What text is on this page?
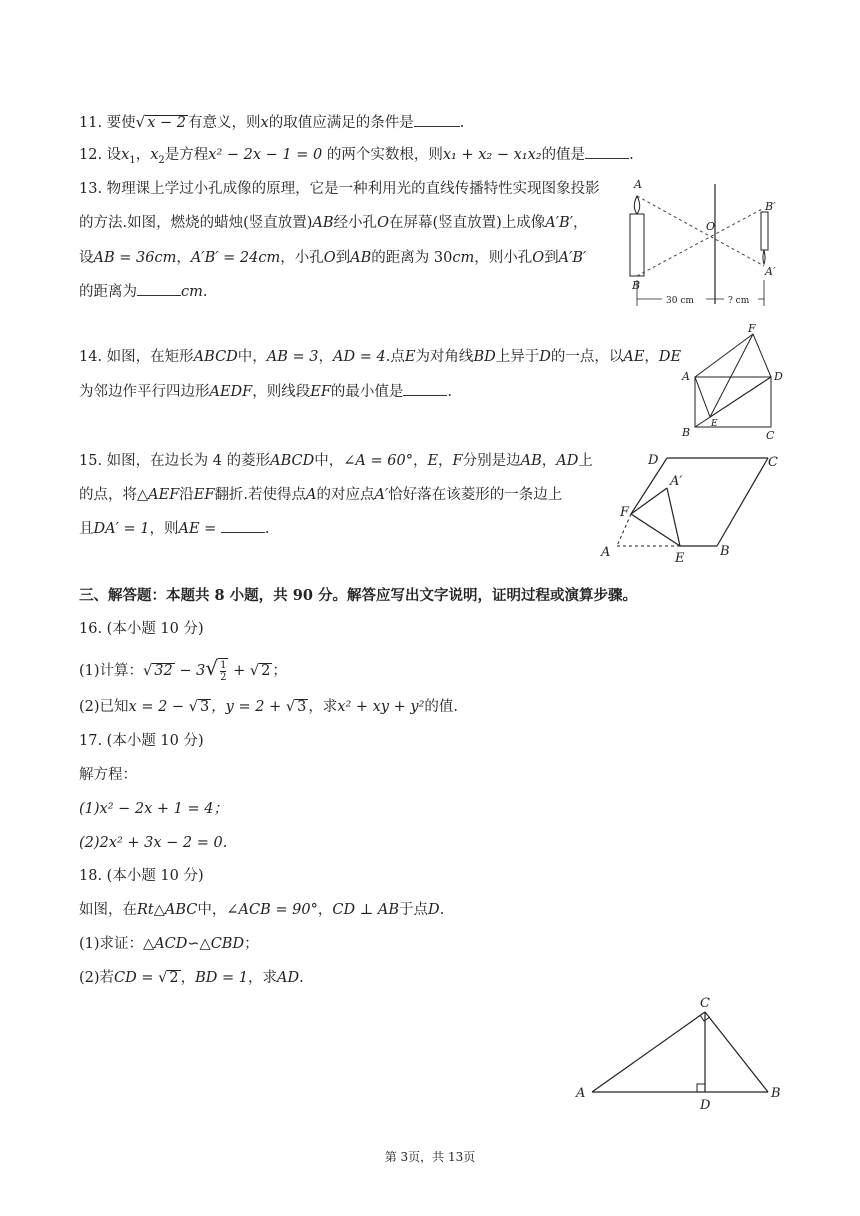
11. 要使√ x − 2 有意义，则x的取值应满足的条件是	.
12. 设$x_1$，$x_2$是方程x² − 2x − 1 = 0 的两个实数根，则x₁ + x₂ − x₁x₂的值是	.
13. 物理课上学过小孔成像的原理，它是一种利用光的直线传播特性实现图象投影
的方法.如图，燃烧的蜡烛(竖直放置)AB经小孔O在屏幕(竖直放置)上成像A′B′，
设AB = 36cm，A′B′ = 24cm，小孔O到AB的距离为 30cm，则小孔O到A′B′
的距离为	cm.
A
B
O
B′
A′
30 cm	? cm
14. 如图，在矩形ABCD中，AB = 3，AD = 4.点E为对角线BD上异于D的一点，以AE，DE
为邻边作平行四边形AEDF，则线段EF的最小值是	.
F
A	D
E
B	C
15. 如图，在边长为 4 的菱形ABCD中，∠A = 60°，E，F分别是边AB，AD上
的点，将△AEF沿EF翻折.若使得点A的对应点A′恰好落在该菱形的一条边上
且DA′ = 1，则AE =	.
D	C
A′
F
A	E	B
三、解答题：本题共 8 小题，共 90 分。解答应写出文字说明，证明过程或演算步骤。
16. (本小题 10 分)
(1)计算：√ $32 - 3√ \frac{1}{2}$ + √ 2 ；
(2)已知x = 2 − √ 3 ，y = 2 + √ 3 ，求x² + xy + y²的值.
17. (本小题 10 分)
解方程：
(1)x² − 2x + 1 = 4；
(2)2x² + 3x − 2 = 0.
18. (本小题 10 分)
如图，在Rt△ABC中，∠ACB = 90°，CD ⊥ AB于点D.
(1)求证：△ACD∽△CBD；
(2)若CD = √ 2 ，BD = 1，求AD.
C
A
D
B
第 3页，共 13页
